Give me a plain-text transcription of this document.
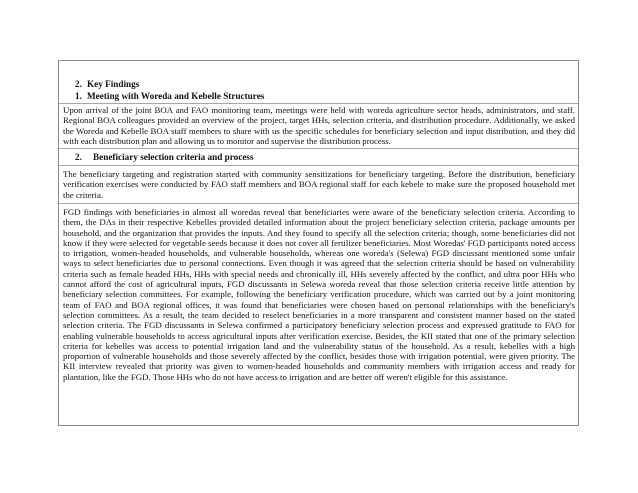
2. Key Findings
1. Meeting with Woreda and Kebelle Structures

Upon arrival of the joint BOA and FAO monitoring team, meetings were held with woreda agriculture sector heads, administrators, and staff. Regional BOA colleagues provided an overview of the project, target HHs, selection criteria, and distribution procedure. Additionally, we asked the Woreda and Kebelle BOA staff members to share with us the specific schedules for beneficiary selection and input distribution, and they did with each distribution plan and allowing us to monitor and supervise the distribution process.

2. Beneficiary selection criteria and process

The beneficiary targeting and registration started with community sensitizations for beneficiary targeting. Before the distribution, beneficiary verification exercises were conducted by FAO staff members and BOA regional staff for each kebele to make sure the proposed household met the criteria.

FGD findings with beneficiaries in almost all woredas reveal that beneficiaries were aware of the beneficiary selection criteria. According to them, the DAs in their respective Kebelles provided detailed information about the project beneficiary selection criteria, package amounts per household, and the organization that provides the inputs. And they found to specify all the selection criteria; though, some beneficiaries did not know if they were selected for vegetable seeds because it does not cover all fertilizer beneficiaries. Most Woredas' FGD participants noted access to irrigation, women-headed households, and vulnerable households, whereas one woreda's (Selewa) FGD discussant mentioned some unfair ways to select beneficiaries due to personal connections. Even though it was agreed that the selection criteria should be based on vulnerability criteria such as female headed HHs, HHs with special needs and chronically ill, HHs severely affected by the conflict, and ultra poor HHs who cannot afford the cost of agricultural inputs, FGD discussants in Selewa woreda reveal that those selection criteria receive little attention by beneficiary selection committees. For example, following the beneficiary verification procedure, which was carried out by a joint monitoring team of FAO and BOA regional offices, it was found that beneficiaries were chosen based on personal relationships with the beneficiary's selection committees. As a result, the team decided to reselect beneficiaries in a more transparent and consistent manner based on the stated selection criteria. The FGD discussants in Selewa confirmed a participatory beneficiary selection process and expressed gratitude to FAO for enabling vulnerable households to access agricultural inputs after verification exercise. Besides, the KII stated that one of the primary selection criteria for kebelles was access to potential irrigation land and the vulnerability status of the household. As a result, kebelles with a high proportion of vulnerable households and those severely affected by the conflict, besides those with irrigation potential, were given priority. The KII interview revealed that priority was given to women-headed households and community members with irrigation access and ready for plantation, like the FGD. Those HHs who do not have access to irrigation and are better off weren't eligible for this assistance.
